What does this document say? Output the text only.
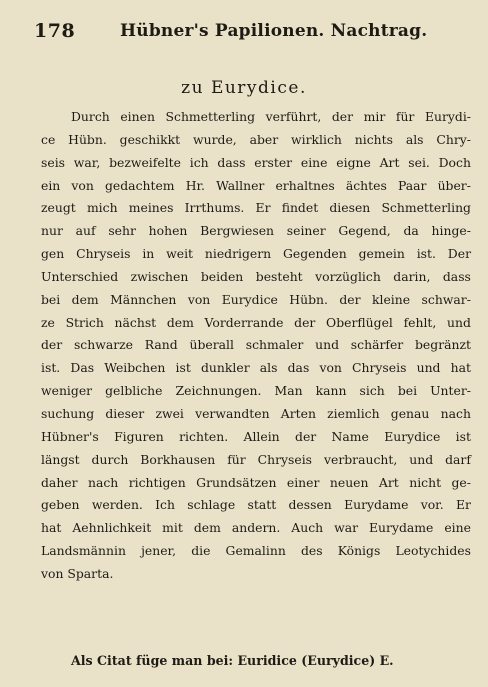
178	Hübner's Papilionen. Nachtrag.
zu Eurydice.
Durch einen Schmetterling verführt, der mir für Eurydi-
ce Hübn. geschikkt wurde, aber wirklich nichts als Chry-
seis war, bezweifelte ich dass erster eine eigne Art sei. Doch
ein von gedachtem Hr. Wallner erhaltnes ächtes Paar über-
zeugt mich meines Irrthums. Er findet diesen Schmetterling
nur auf sehr hohen Bergwiesen seiner Gegend, da hinge-
gen Chryseis in weit niedrigern Gegenden gemein ist. Der
Unterschied zwischen beiden besteht vorzüglich darin, dass
bei dem Männchen von Eurydice Hübn. der kleine schwar-
ze Strich nächst dem Vorderrande der Oberflügel fehlt, und
der schwarze Rand überall schmaler und schärfer begränzt
ist. Das Weibchen ist dunkler als das von Chryseis und hat
weniger gelbliche Zeichnungen. Man kann sich bei Unter-
suchung dieser zwei verwandten Arten ziemlich genau nach
Hübner's Figuren richten. Allein der Name Eurydice ist
längst durch Borkhausen für Chryseis verbraucht, und darf
daher nach richtigen Grundsätzen einer neuen Art nicht ge-
geben werden. Ich schlage statt dessen Eurydame vor. Er
hat Aehnlichkeit mit dem andern. Auch war Eurydame eine
Landsmännin jener, die Gemalinn des Königs Leotychides
von Sparta.
Als Citat füge man bei: Euridice (Eurydice) E.
